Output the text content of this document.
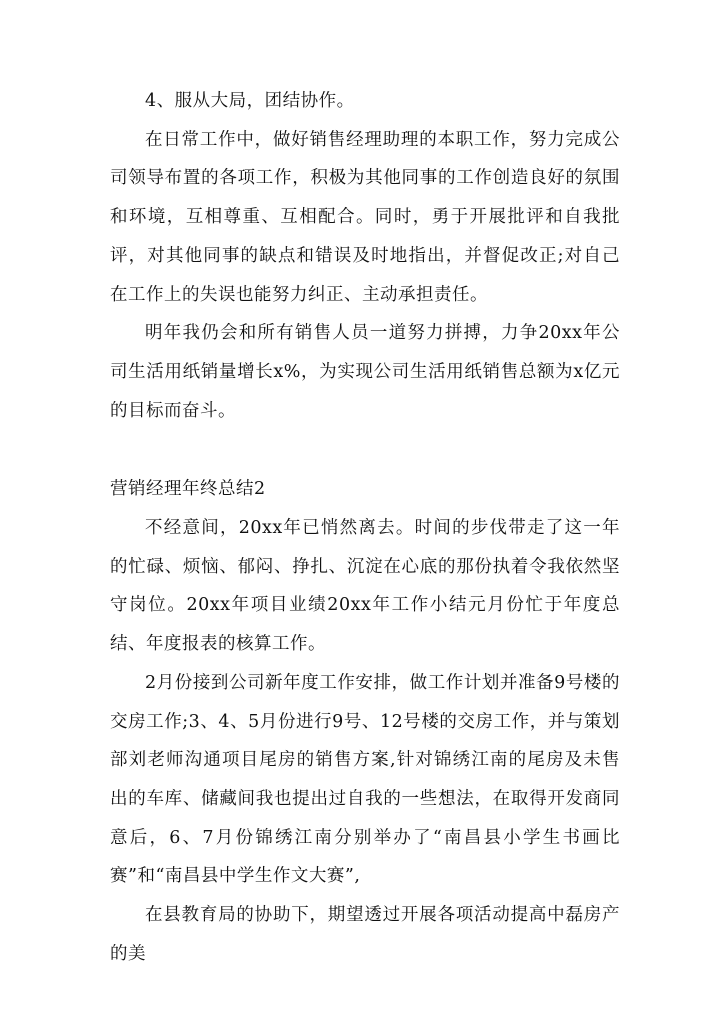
4、服从大局，团结协作。

在日常工作中，做好销售经理助理的本职工作，努力完成公司领导布置的各项工作，积极为其他同事的工作创造良好的氛围和环境，互相尊重、互相配合。同时，勇于开展批评和自我批评，对其他同事的缺点和错误及时地指出，并督促改正;对自己在工作上的失误也能努力纠正、主动承担责任。

明年我仍会和所有销售人员一道努力拼搏，力争20xx年公司生活用纸销量增长x%，为实现公司生活用纸销售总额为x亿元的目标而奋斗。

营销经理年终总结2

不经意间，20xx年已悄然离去。时间的步伐带走了这一年的忙碌、烦恼、郁闷、挣扎、沉淀在心底的那份执着令我依然坚守岗位。20xx年项目业绩20xx年工作小结元月份忙于年度总结、年度报表的核算工作。

2月份接到公司新年度工作安排，做工作计划并准备9号楼的交房工作;3、4、5月份进行9号、12号楼的交房工作，并与策划部刘老师沟通项目尾房的销售方案,针对锦绣江南的尾房及未售出的车库、储藏间我也提出过自我的一些想法，在取得开发商同意后，6、7月份锦绣江南分别举办了“南昌县小学生书画比赛”和“南昌县中学生作文大赛”,

在县教育局的协助下，期望透过开展各项活动提高中磊房产的美
